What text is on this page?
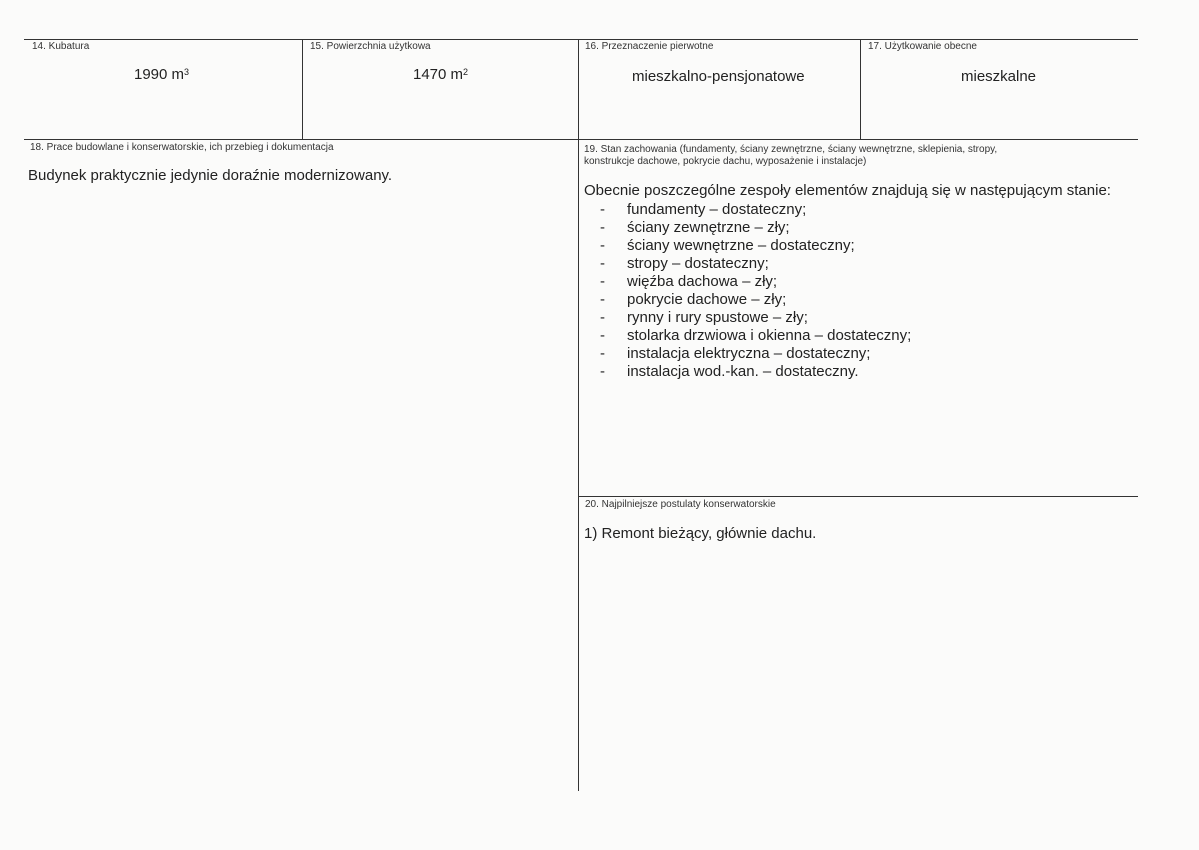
14. Kubatura
1990 $m^3$
15. Powierzchnia użytkowa
1470 $m^2$
16. Przeznaczenie pierwotne
mieszkalno-pensjonatowe
17. Użytkowanie obecne
mieszkalne
18. Prace budowlane i konserwatorskie, ich przebieg i dokumentacja
Budynek praktycznie jedynie doraźnie modernizowany.
19. Stan zachowania (fundamenty, ściany zewnętrzne, ściany wewnętrzne, sklepienia, stropy,
konstrukcje dachowe, pokrycie dachu, wyposażenie i instalacje)
Obecnie poszczególne zespoły elementów znajdują się w następującym stanie:
- fundamenty – dostateczny;
- ściany zewnętrzne – zły;
- ściany wewnętrzne – dostateczny;
- stropy – dostateczny;
- więźba dachowa – zły;
- pokrycie dachowe – zły;
- rynny i rury spustowe – zły;
- stolarka drzwiowa i okienna – dostateczny;
- instalacja elektryczna – dostateczny;
- instalacja wod.-kan. – dostateczny.
20. Najpilniejsze postulaty konserwatorskie
1) Remont bieżący, głównie dachu.
